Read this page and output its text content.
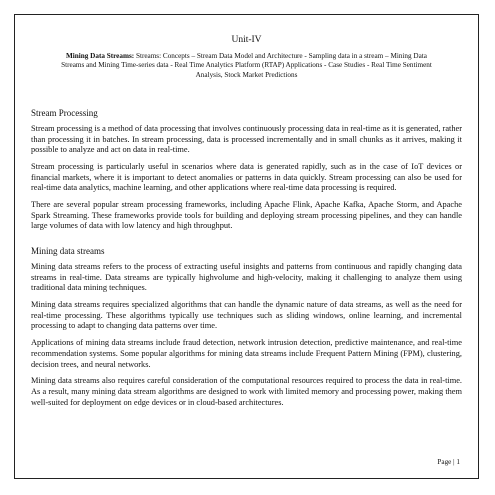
Unit-IV
Mining Data Streams: Streams: Concepts – Stream Data Model and Architecture - Sampling data in a stream – Mining Data Streams and Mining Time-series data - Real Time Analytics Platform (RTAP) Applications - Case Studies - Real Time Sentiment Analysis, Stock Market Predictions
Stream Processing

Stream processing is a method of data processing that involves continuously processing data in real-time as it is generated, rather than processing it in batches. In stream processing, data is processed incrementally and in small chunks as it arrives, making it possible to analyze and act on data in real-time.

Stream processing is particularly useful in scenarios where data is generated rapidly, such as in the case of IoT devices or financial markets, where it is important to detect anomalies or patterns in data quickly. Stream processing can also be used for real-time data analytics, machine learning, and other applications where real-time data processing is required.

There are several popular stream processing frameworks, including Apache Flink, Apache Kafka, Apache Storm, and Apache Spark Streaming. These frameworks provide tools for building and deploying stream processing pipelines, and they can handle large volumes of data with low latency and high throughput.

Mining data streams

Mining data streams refers to the process of extracting useful insights and patterns from continuous and rapidly changing data streams in real-time. Data streams are typically highvolume and high-velocity, making it challenging to analyze them using traditional data mining techniques.

Mining data streams requires specialized algorithms that can handle the dynamic nature of data streams, as well as the need for real-time processing. These algorithms typically use techniques such as sliding windows, online learning, and incremental processing to adapt to changing data patterns over time.

Applications of mining data streams include fraud detection, network intrusion detection, predictive maintenance, and real-time recommendation systems. Some popular algorithms for mining data streams include Frequent Pattern Mining (FPM), clustering, decision trees, and neural networks.

Mining data streams also requires careful consideration of the computational resources required to process the data in real-time. As a result, many mining data stream algorithms are designed to work with limited memory and processing power, making them well-suited for deployment on edge devices or in cloud-based architectures.

Page | 1
